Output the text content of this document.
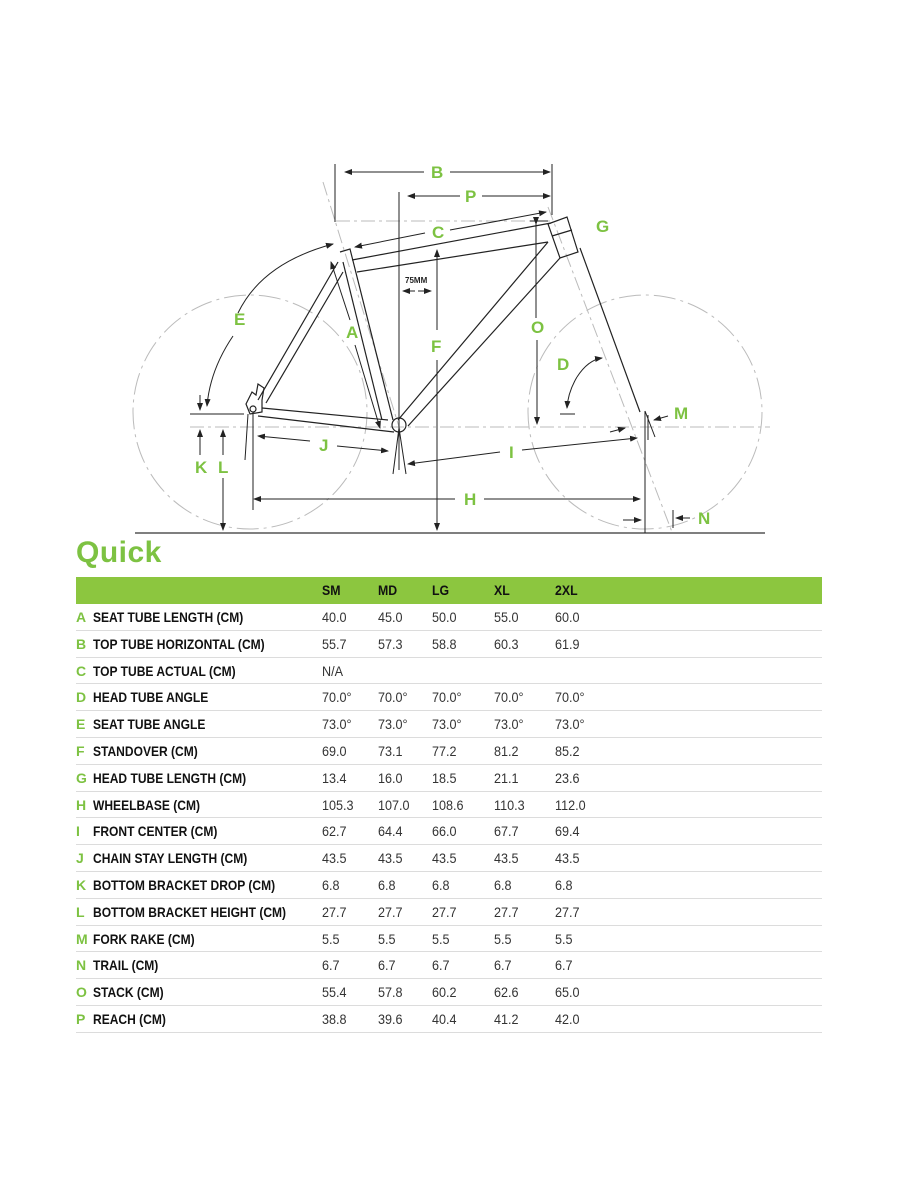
B
P
C	G
E
A
F
O
D
M
J	I
K L
H
N
75MM
Quick
SM	MD LG	XL	2XL
A SEAT TUBE LENGTH (CM)	40.0 45.0 50.0	55.0	60.0
B TOP TUBE HORIZONTAL (CM)	55.7 57.3 58.8	60.3	61.9
C TOP TUBE ACTUAL (CM)	N/A
D HEAD TUBE ANGLE	70.0° 70.0° 70.0° 70.0° 70.0°
E SEAT TUBE ANGLE	73.0° 73.0° 73.0° 73.0° 73.0°
F STANDOVER (CM)	69.0 73.1 77.2	81.2	85.2
G HEAD TUBE LENGTH (CM)	13.4 16.0 18.5	21.1	23.6
H WHEELBASE (CM)	105.3 107.0 108.6 110.3 112.0
I FRONT CENTER (CM)	62.7 64.4 66.0	67.7	69.4
J CHAIN STAY LENGTH (CM)	43.5 43.5 43.5	43.5	43.5
K BOTTOM BRACKET DROP (CM)	6.8	6.8	6.8	6.8	6.8
L BOTTOM BRACKET HEIGHT (CM)	27.7 27.7 27.7	27.7	27.7
M FORK RAKE (CM)	5.5	5.5	5.5	5.5	5.5
N TRAIL (CM)	6.7	6.7	6.7	6.7	6.7
O STACK (CM)	55.4 57.8 60.2	62.6	65.0
P REACH (CM)	38.8 39.6 40.4	41.2	42.0
